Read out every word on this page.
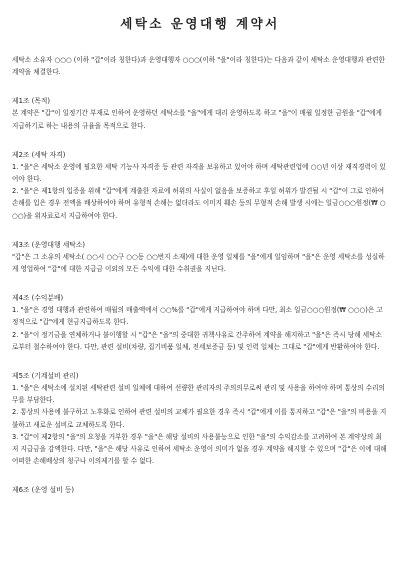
세탁소 운영대행 계약서

세탁소 소유자 ○○○ (이하 "갑"이라 칭한다)과 운영대행자 ○○○(이하 "을"이라 칭한다)는 다음과 같이 세탁소 운영대행과 관련한 계약을 체결한다.

제1조 (목적)

본 계약은 "갑"이 일정기간 부재로 인하여 운영하던 세탁소를 "을"에게 대리 운영하도록 하고 "을"이 매월 일정한 금원을 "갑"에게 지급하기로 하는 내용의 규율을 목적으로 한다.

제2조 (세탁 자격)

1. "을"은 세탁소 운영에 필요한 세탁 기능사 자격증 등 관련 자격을 보유하고 있어야 하며 세탁관련업에 ○○년 이상 재직경력이 있어야 한다.

2. "을"은 제1항의 입증을 위해 "갑"에게 계출한 자료에 허위의 사실이 없음을 보증하고 후일 허위가 발견될 시 "갑"이 그로 인하여 손해를 입은 경우 전액을 배상하여야 하며 유형적 손해는 없더라도 이미지 훼손 등의 무형적 손해 발생 시에는 일금○○○원정(₩ ○○○)을 위자료로서 지급하여야 한다.

제3조 (운영대행 세탁소)

"갑"은 그 소유의 세탁소( ○○시 ○○구 ○○동 ○○번지 소재)에 대한 운영 일체를 "을"에게 일임하며 "을"은 운영 세탁소를 성실하게 영업하여 "갑"에 대한 지급금 이외의 모든 수익에 대한 수취권을 지닌다.

제4조 (수익분배)

1. "을"은 경영 대행과 관련하여 매월의 매출액에서 ○○%를 "갑"에게 지급하여야 하며 다만, 최소 일금○○○원정(₩ ○○○)은 고정적으로 "갑"에게 현금지급하도록 한다.

2. "을"이 정기금을 연체하거나 불이행할 시 "갑"은 "을"의 중대한 귀책사유로 간주하여 계약을 해지하고 "을"은 즉시 당해 세탁소로부터 철수하여야 한다. 다만, 관련 설비(차량, 집기비품 일체, 전세보증금 등) 및 인력 일체는 그대로 "갑"에게 반환하여야 한다.

제5조 (기계설비 관리)

1. "을"은 세탁소에 설치된 세탁관련 설비 일체에 대하여 선량한 관리자의 주의의무로써 관리 및 사용을 하여야 하며 통상의 수리의무를 부담한다.

2. 통상의 사용에 불구하고 노후화로 인하여 관련 설비의 교체가 필요한 경우 즉시 "갑"에게 이를 통지하고 "갑"은 "을"의 비용을 지불하고 새로운 설비로 교체하도록 한다.

3. "갑"이 제2항의 "을"의 요청을 거부한 경우 "을"은 해당 설비의 사용불능으로 인한 "을"의 수익감소를 고려하여 본 계약상의 최저 지급금을 감액한다. 다만, "을"은 해당 사유로 인하여 세탁소 운영이 의미가 없을 경우 계약을 해지할 수 있으며 "갑"은 이에 대해 어떠한 손해배상의 청구나 이의제기를 할 수 없다.

제6조 (운영 설비 등)
